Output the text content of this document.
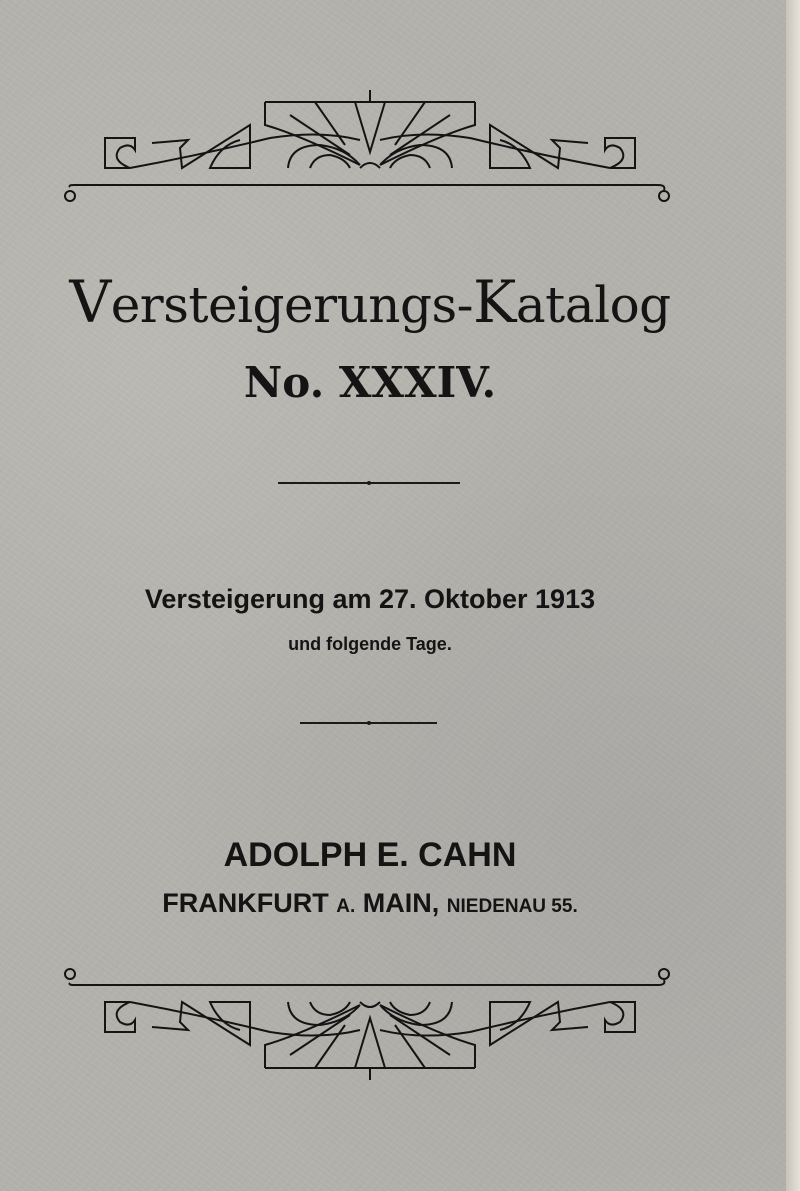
Versteigerungs-Katalog
No. XXXIV.
Versteigerung am 27. Oktober 1913
und folgende Tage.
ADOLPH E. CAHN
FRANKFURT A. MAIN, NIEDENAU 55.
